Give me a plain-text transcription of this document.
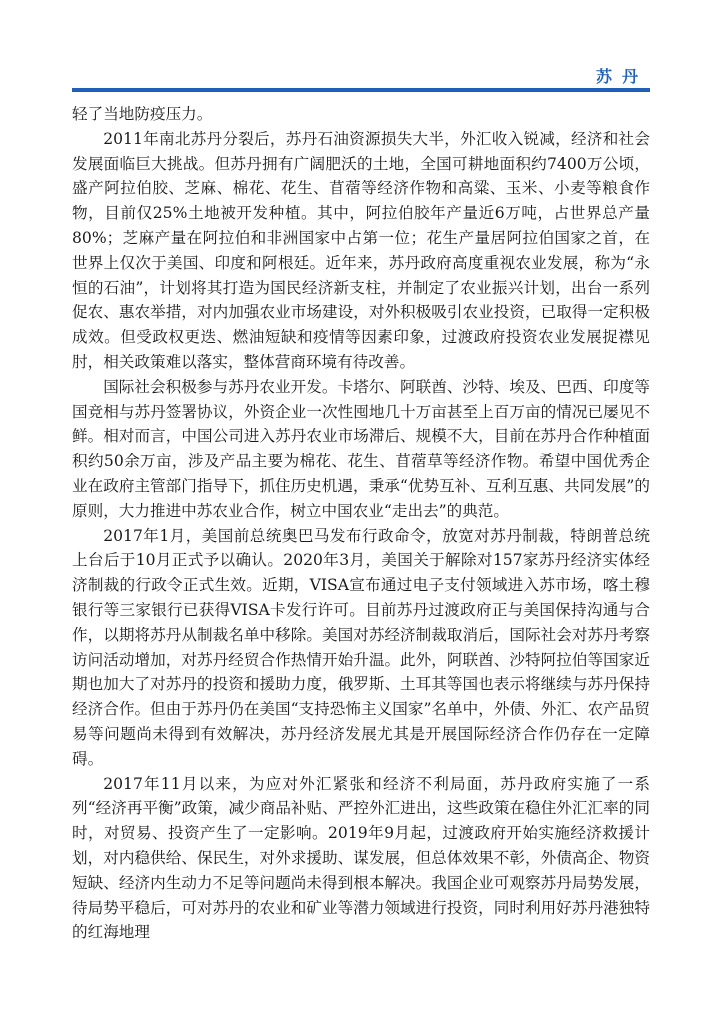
苏丹

轻了当地防疫压力。

2011年南北苏丹分裂后，苏丹石油资源损失大半，外汇收入锐减，经济和社会发展面临巨大挑战。但苏丹拥有广阔肥沃的土地，全国可耕地面积约7400万公顷，盛产阿拉伯胶、芝麻、棉花、花生、苜蓿等经济作物和高粱、玉米、小麦等粮食作物，目前仅25%土地被开发种植。其中，阿拉伯胶年产量近6万吨，占世界总产量80%；芝麻产量在阿拉伯和非洲国家中占第一位；花生产量居阿拉伯国家之首，在世界上仅次于美国、印度和阿根廷。近年来，苏丹政府高度重视农业发展，称为“永恒的石油”，计划将其打造为国民经济新支柱，并制定了农业振兴计划，出台一系列促农、惠农举措，对内加强农业市场建设，对外积极吸引农业投资，已取得一定积极成效。但受政权更迭、燃油短缺和疫情等因素印象，过渡政府投资农业发展捉襟见肘，相关政策难以落实，整体营商环境有待改善。

国际社会积极参与苏丹农业开发。卡塔尔、阿联酋、沙特、埃及、巴西、印度等国竞相与苏丹签署协议，外资企业一次性囤地几十万亩甚至上百万亩的情况已屡见不鲜。相对而言，中国公司进入苏丹农业市场滞后、规模不大，目前在苏丹合作种植面积约50余万亩，涉及产品主要为棉花、花生、苜蓿草等经济作物。希望中国优秀企业在政府主管部门指导下，抓住历史机遇，秉承“优势互补、互利互惠、共同发展”的原则，大力推进中苏农业合作，树立中国农业“走出去”的典范。

2017年1月，美国前总统奥巴马发布行政命令，放宽对苏丹制裁，特朗普总统上台后于10月正式予以确认。2020年3月，美国关于解除对157家苏丹经济实体经济制裁的行政令正式生效。近期，VISA宣布通过电子支付领域进入苏市场，喀土穆银行等三家银行已获得VISA卡发行许可。目前苏丹过渡政府正与美国保持沟通与合作，以期将苏丹从制裁名单中移除。美国对苏经济制裁取消后，国际社会对苏丹考察访问活动增加，对苏丹经贸合作热情开始升温。此外，阿联酋、沙特阿拉伯等国家近期也加大了对苏丹的投资和援助力度，俄罗斯、土耳其等国也表示将继续与苏丹保持经济合作。但由于苏丹仍在美国“支持恐怖主义国家”名单中，外债、外汇、农产品贸易等问题尚未得到有效解决，苏丹经济发展尤其是开展国际经济合作仍存在一定障碍。

2017年11月以来，为应对外汇紧张和经济不利局面，苏丹政府实施了一系列“经济再平衡”政策，减少商品补贴、严控外汇进出，这些政策在稳住外汇汇率的同时，对贸易、投资产生了一定影响。2019年9月起，过渡政府开始实施经济救援计划，对内稳供给、保民生，对外求援助、谋发展，但总体效果不彰，外债高企、物资短缺、经济内生动力不足等问题尚未得到根本解决。我国企业可观察苏丹局势发展，待局势平稳后，可对苏丹的农业和矿业等潜力领域进行投资，同时利用好苏丹港独特的红海地理
